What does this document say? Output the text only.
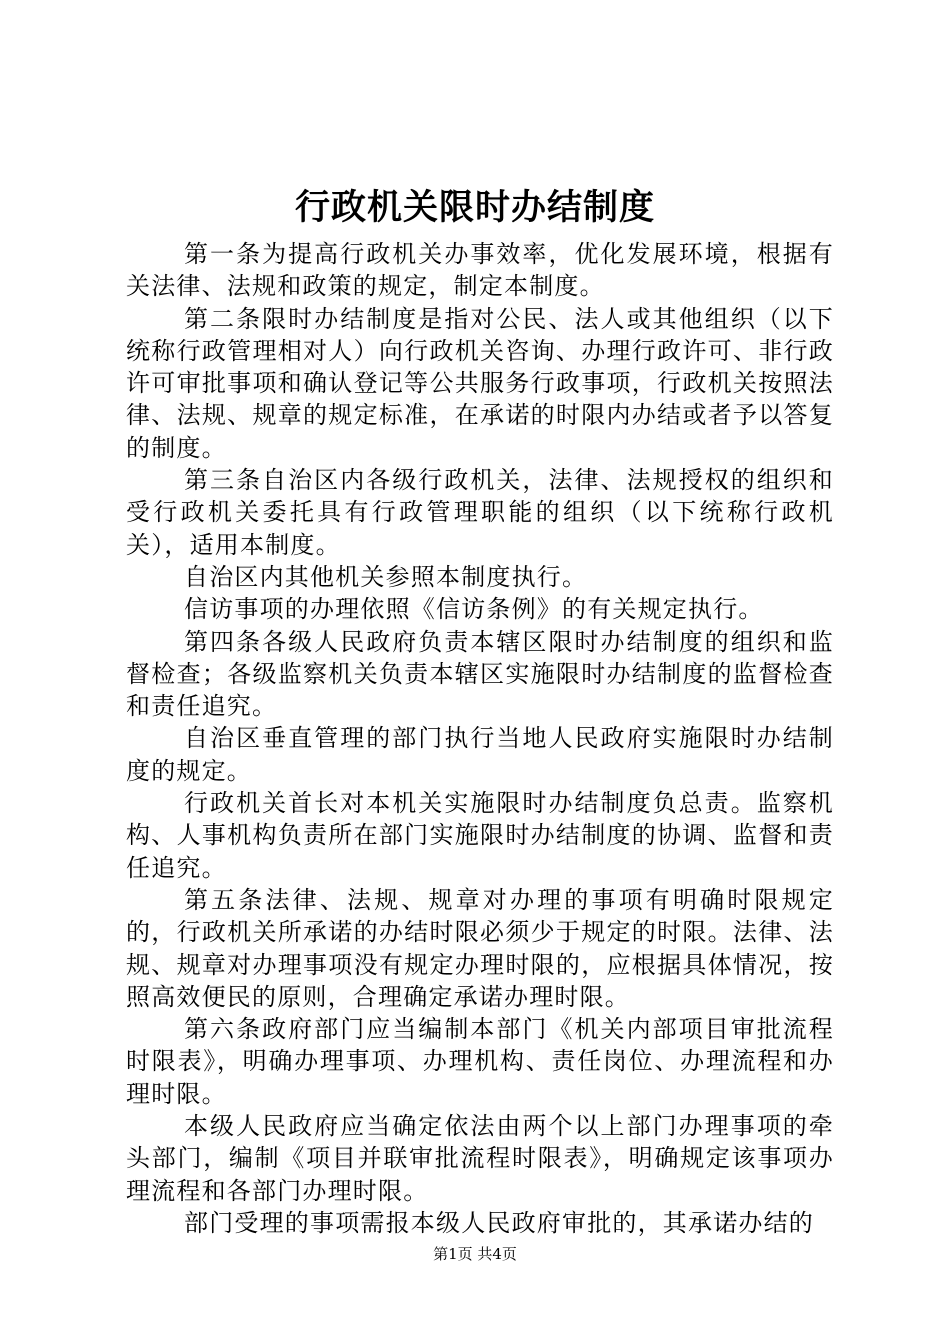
行政机关限时办结制度

第一条为提高行政机关办事效率，优化发展环境，根据有关法律、法规和政策的规定，制定本制度。

第二条限时办结制度是指对公民、法人或其他组织（以下统称行政管理相对人）向行政机关咨询、办理行政许可、非行政许可审批事项和确认登记等公共服务行政事项，行政机关按照法律、法规、规章的规定标准，在承诺的时限内办结或者予以答复的制度。

第三条自治区内各级行政机关，法律、法规授权的组织和受行政机关委托具有行政管理职能的组织（以下统称行政机关），适用本制度。

自治区内其他机关参照本制度执行。

信访事项的办理依照《信访条例》的有关规定执行。

第四条各级人民政府负责本辖区限时办结制度的组织和监督检查；各级监察机关负责本辖区实施限时办结制度的监督检查和责任追究。

自治区垂直管理的部门执行当地人民政府实施限时办结制度的规定。

行政机关首长对本机关实施限时办结制度负总责。监察机构、人事机构负责所在部门实施限时办结制度的协调、监督和责任追究。

第五条法律、法规、规章对办理的事项有明确时限规定的，行政机关所承诺的办结时限必须少于规定的时限。法律、法规、规章对办理事项没有规定办理时限的，应根据具体情况，按照高效便民的原则，合理确定承诺办理时限。

第六条政府部门应当编制本部门《机关内部项目审批流程时限表》，明确办理事项、办理机构、责任岗位、办理流程和办理时限。

本级人民政府应当确定依法由两个以上部门办理事项的牵头部门，编制《项目并联审批流程时限表》，明确规定该事项办理流程和各部门办理时限。

部门受理的事项需报本级人民政府审批的，其承诺办结的

第1页 共4页
